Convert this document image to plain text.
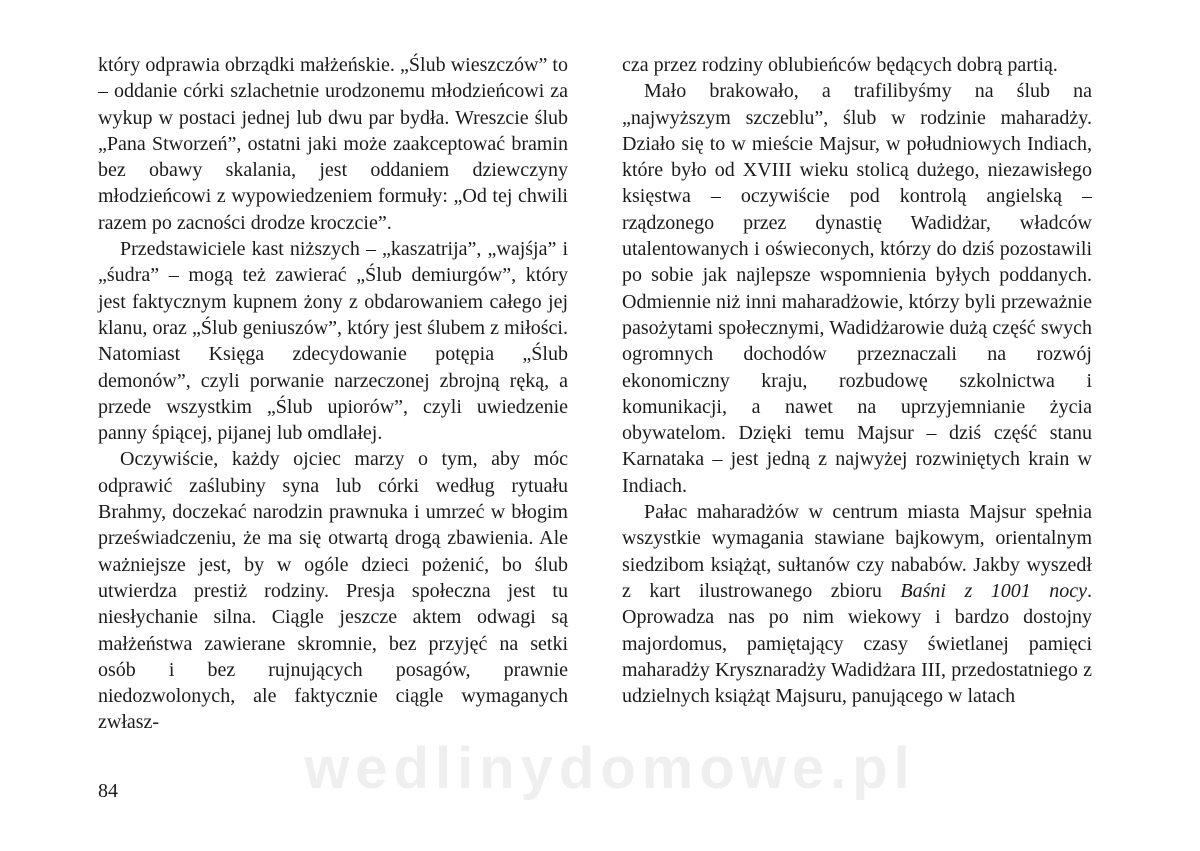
który odprawia obrządki małżeńskie. „Ślub wieszczów” to – oddanie córki szlachetnie urodzonemu młodzieńcowi za wykup w postaci jednej lub dwu par bydła. Wreszcie ślub „Pana Stworzeń”, ostatni jaki może zaakceptować bramin bez obawy skalania, jest oddaniem dziewczyny młodzieńcowi z wypowiedzeniem formuły: „Od tej chwili razem po zacności drodze kroczcie”.

Przedstawiciele kast niższych – „kaszatrija”, „wajśja” i „śudra” – mogą też zawierać „Ślub demiurgów”, który jest faktycznym kupnem żony z obdarowaniem całego jej klanu, oraz „Ślub geniuszów”, który jest ślubem z miłości. Natomiast Księga zdecydowanie potępia „Ślub demonów”, czyli porwanie narzeczonej zbrojną ręką, a przede wszystkim „Ślub upiorów”, czyli uwiedzenie panny śpiącej, pijanej lub omdlałej.

Oczywiście, każdy ojciec marzy o tym, aby móc odprawić zaślubiny syna lub córki według rytuału Brahmy, doczekać narodzin prawnuka i umrzeć w błogim przeświadczeniu, że ma się otwartą drogą zbawienia. Ale ważniejsze jest, by w ogóle dzieci pożenić, bo ślub utwierdza prestiż rodziny. Presja społeczna jest tu niesłychanie silna. Ciągle jeszcze aktem odwagi są małżeństwa zawierane skromnie, bez przyjęć na setki osób i bez rujnujących posagów, prawnie niedozwolonych, ale faktycznie ciągle wymaganych zwłasz-

cza przez rodziny oblubieńców będących dobrą partią.

Mało brakowało, a trafilibyśmy na ślub na „najwyższym szczeblu”, ślub w rodzinie maharadży. Działo się to w mieście Majsur, w południowych Indiach, które było od XVIII wieku stolicą dużego, niezawisłego księstwa – oczywiście pod kontrolą angielską – rządzonego przez dynastię Wadidżar, władców utalentowanych i oświeconych, którzy do dziś pozostawili po sobie jak najlepsze wspomnienia byłych poddanych. Odmiennie niż inni maharadżowie, którzy byli przeważnie pasożytami społecznymi, Wadidżarowie dużą część swych ogromnych dochodów przeznaczali na rozwój ekonomiczny kraju, rozbudowę szkolnictwa i komunikacji, a nawet na uprzyjemnianie życia obywatelom. Dzięki temu Majsur – dziś część stanu Karnataka – jest jedną z najwyżej rozwiniętych krain w Indiach.

Pałac maharadżów w centrum miasta Majsur spełnia wszystkie wymagania stawiane bajkowym, orientalnym siedzibom książąt, sułtanów czy nababów. Jakby wyszedł z kart ilustrowanego zbioru Baśni z 1001 nocy. Oprowadza nas po nim wiekowy i bardzo dostojny majordomus, pamiętający czasy świetlanej pamięci maharadży Krysznaradży Wadidżara III, przedostatniego z udzielnych książąt Majsuru, panującego w latach

wedlinydomowe.pl
84
